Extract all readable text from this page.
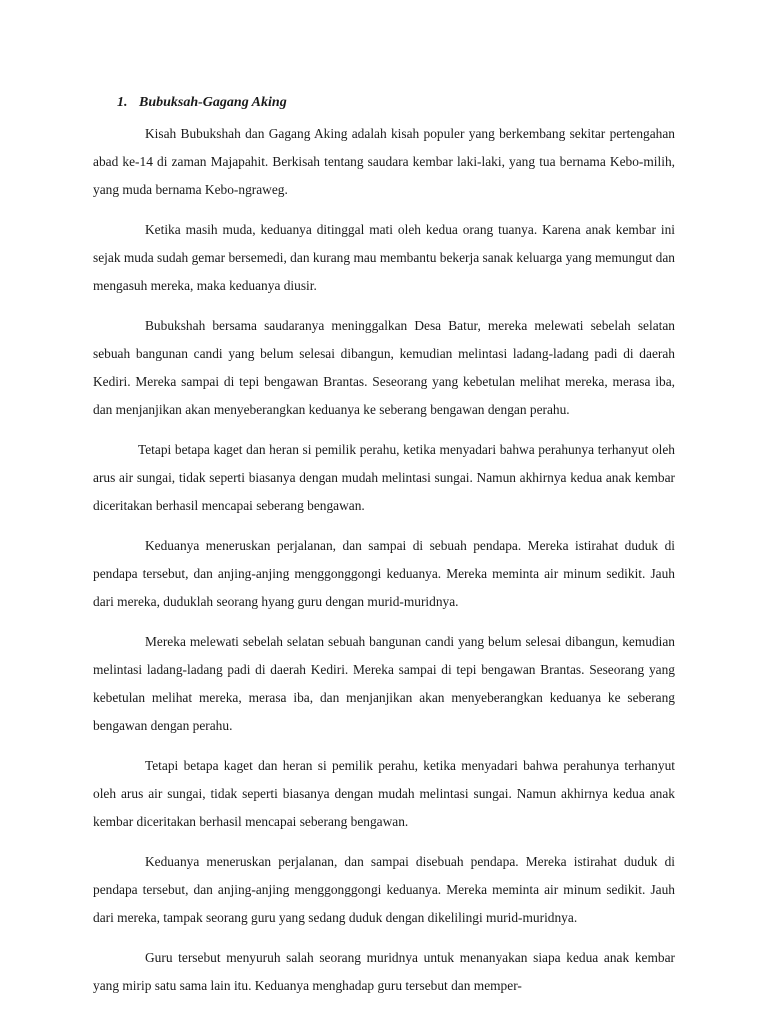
1. Bubuksah-Gagang Aking

Kisah Bubukshah dan Gagang Aking adalah kisah populer yang berkembang sekitar pertengahan abad ke-14 di zaman Majapahit. Berkisah tentang saudara kembar laki-laki, yang tua bernama Kebo-milih, yang muda bernama Kebo-ngraweg.

Ketika masih muda, keduanya ditinggal mati oleh kedua orang tuanya. Karena anak kembar ini sejak muda sudah gemar bersemedi, dan kurang mau membantu bekerja sanak keluarga yang memungut dan mengasuh mereka, maka keduanya diusir.

Bubukshah bersama saudaranya meninggalkan Desa Batur, mereka melewati sebelah selatan sebuah bangunan candi yang belum selesai dibangun, kemudian melintasi ladang-ladang padi di daerah Kediri. Mereka sampai di tepi bengawan Brantas. Seseorang yang kebetulan melihat mereka, merasa iba, dan menjanjikan akan menyeberangkan keduanya ke seberang bengawan dengan perahu.

Tetapi betapa kaget dan heran si pemilik perahu, ketika menyadari bahwa perahunya terhanyut oleh arus air sungai, tidak seperti biasanya dengan mudah melintasi sungai. Namun akhirnya kedua anak kembar diceritakan berhasil mencapai seberang bengawan.

Keduanya meneruskan perjalanan, dan sampai di sebuah pendapa. Mereka istirahat duduk di pendapa tersebut, dan anjing-anjing menggonggongi keduanya. Mereka meminta air minum sedikit. Jauh dari mereka, duduklah seorang hyang guru dengan murid-muridnya.

Mereka melewati sebelah selatan sebuah bangunan candi yang belum selesai dibangun, kemudian melintasi ladang-ladang padi di daerah Kediri. Mereka sampai di tepi bengawan Brantas. Seseorang yang kebetulan melihat mereka, merasa iba, dan menjanjikan akan menyeberangkan keduanya ke seberang bengawan dengan perahu.

Tetapi betapa kaget dan heran si pemilik perahu, ketika menyadari bahwa perahunya terhanyut oleh arus air sungai, tidak seperti biasanya dengan mudah melintasi sungai. Namun akhirnya kedua anak kembar diceritakan berhasil mencapai seberang bengawan.

Keduanya meneruskan perjalanan, dan sampai disebuah pendapa. Mereka istirahat duduk di pendapa tersebut, dan anjing-anjing menggonggongi keduanya. Mereka meminta air minum sedikit. Jauh dari mereka, tampak seorang guru yang sedang duduk dengan dikelilingi murid-muridnya.

Guru tersebut menyuruh salah seorang muridnya untuk menanyakan siapa kedua anak kembar yang mirip satu sama lain itu. Keduanya menghadap guru tersebut dan memper-
